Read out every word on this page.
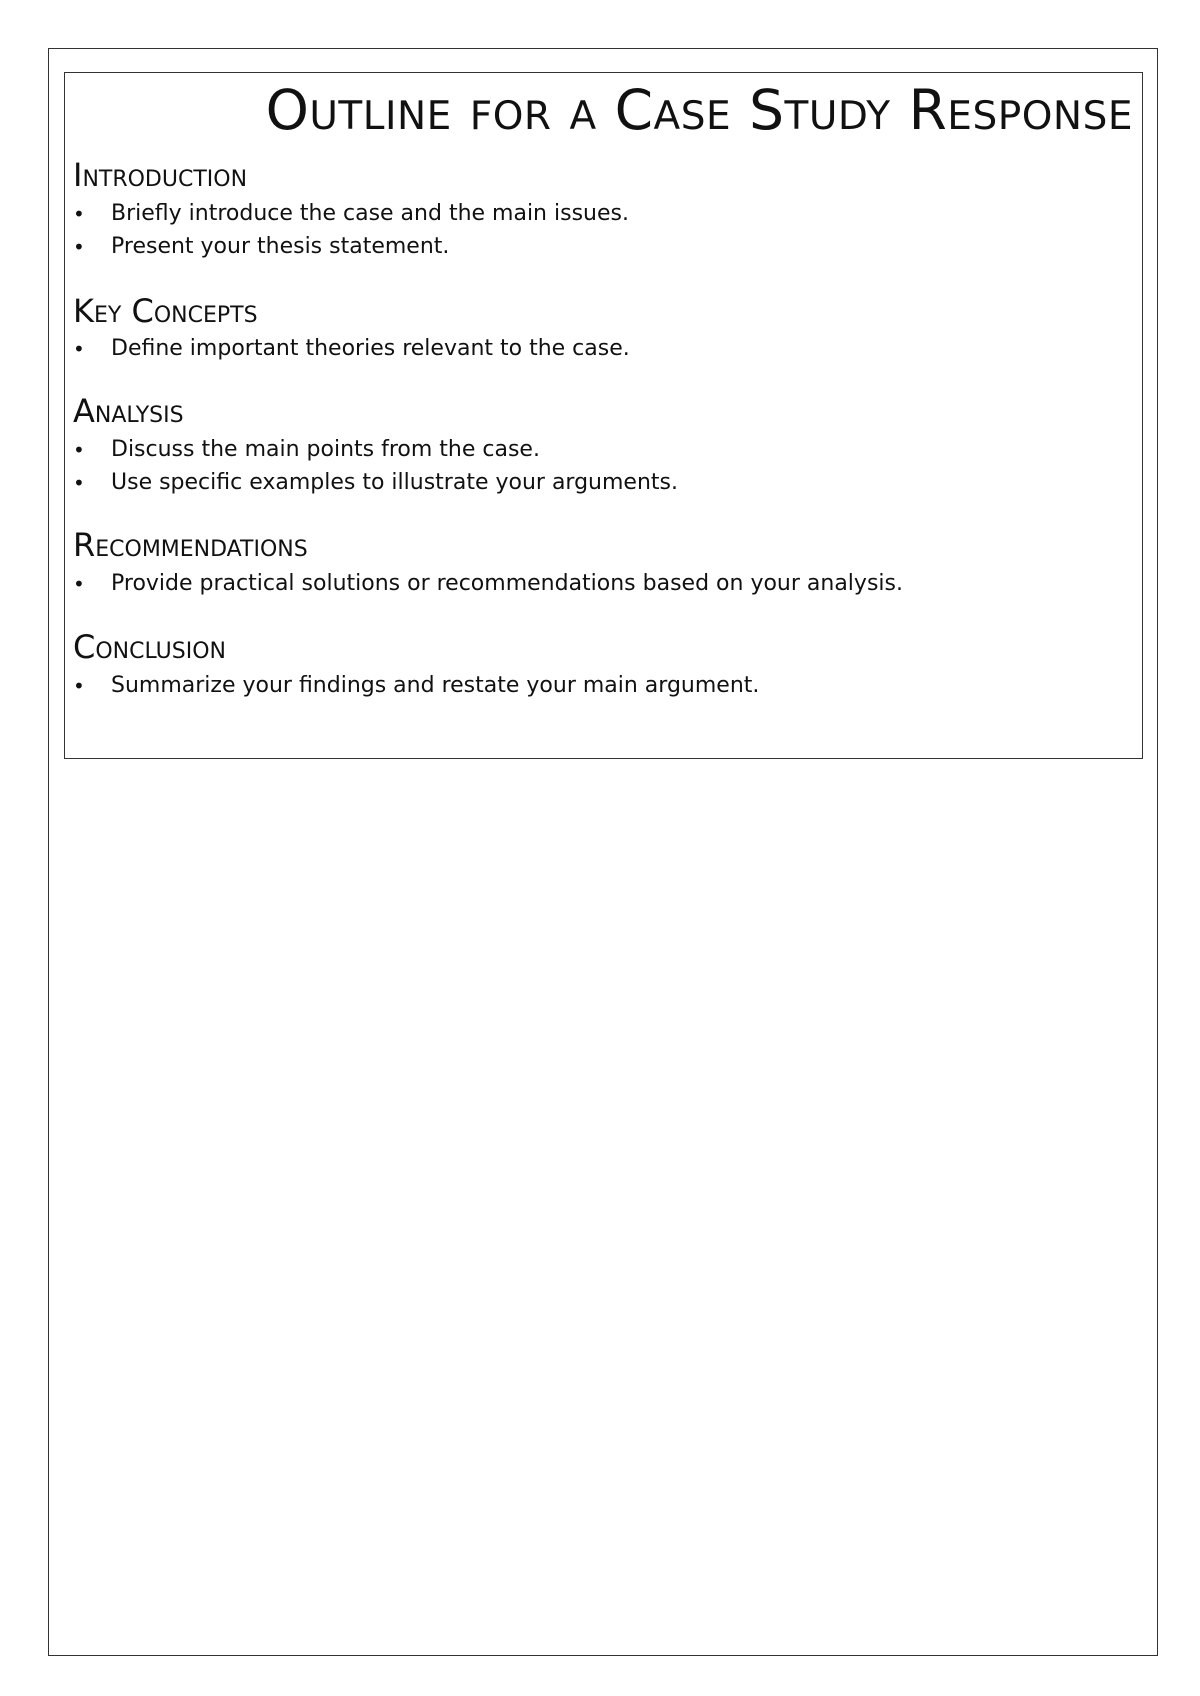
Outline for a Case Study Response
Introduction
• Briefly introduce the case and the main issues.
• Present your thesis statement.
Key Concepts
• Define important theories relevant to the case.
Analysis
• Discuss the main points from the case.
• Use specific examples to illustrate your arguments.
Recommendations
• Provide practical solutions or recommendations based on your analysis.
Conclusion
• Summarize your findings and restate your main argument.
